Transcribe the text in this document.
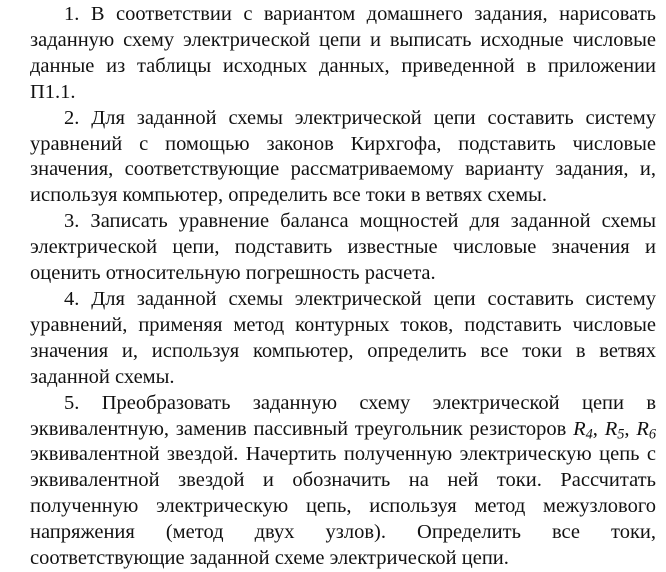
1. В соответствии с вариантом домашнего задания, нарисовать заданную схему электрической цепи и выписать исходные числовые данные из таблицы исходных данных, приведенной в приложении П1.1.

2. Для заданной схемы электрической цепи составить систему уравнений с помощью законов Кирхгофа, подставить числовые значения, соответствующие рассматриваемому варианту задания, и, используя компьютер, определить все токи в ветвях схемы.

3. Записать уравнение баланса мощностей для заданной схемы электрической цепи, подставить известные числовые значения и оценить относительную погрешность расчета.

4. Для заданной схемы электрической цепи составить систему уравнений, применяя метод контурных токов, подставить числовые значения и, используя компьютер, определить все токи в ветвях заданной схемы.

5. Преобразовать заданную схему электрической цепи в эквивалентную, заменив пассивный треугольник резисторов $R_4$, $R_5$, $R_6$ эквивалентной звездой. Начертить полученную электрическую цепь с эквивалентной звездой и обозначить на ней токи. Рассчитать полученную электрическую цепь, используя метод межузлового напряжения (метод двух узлов). Определить все токи, соответствующие заданной схеме электрической цепи.
